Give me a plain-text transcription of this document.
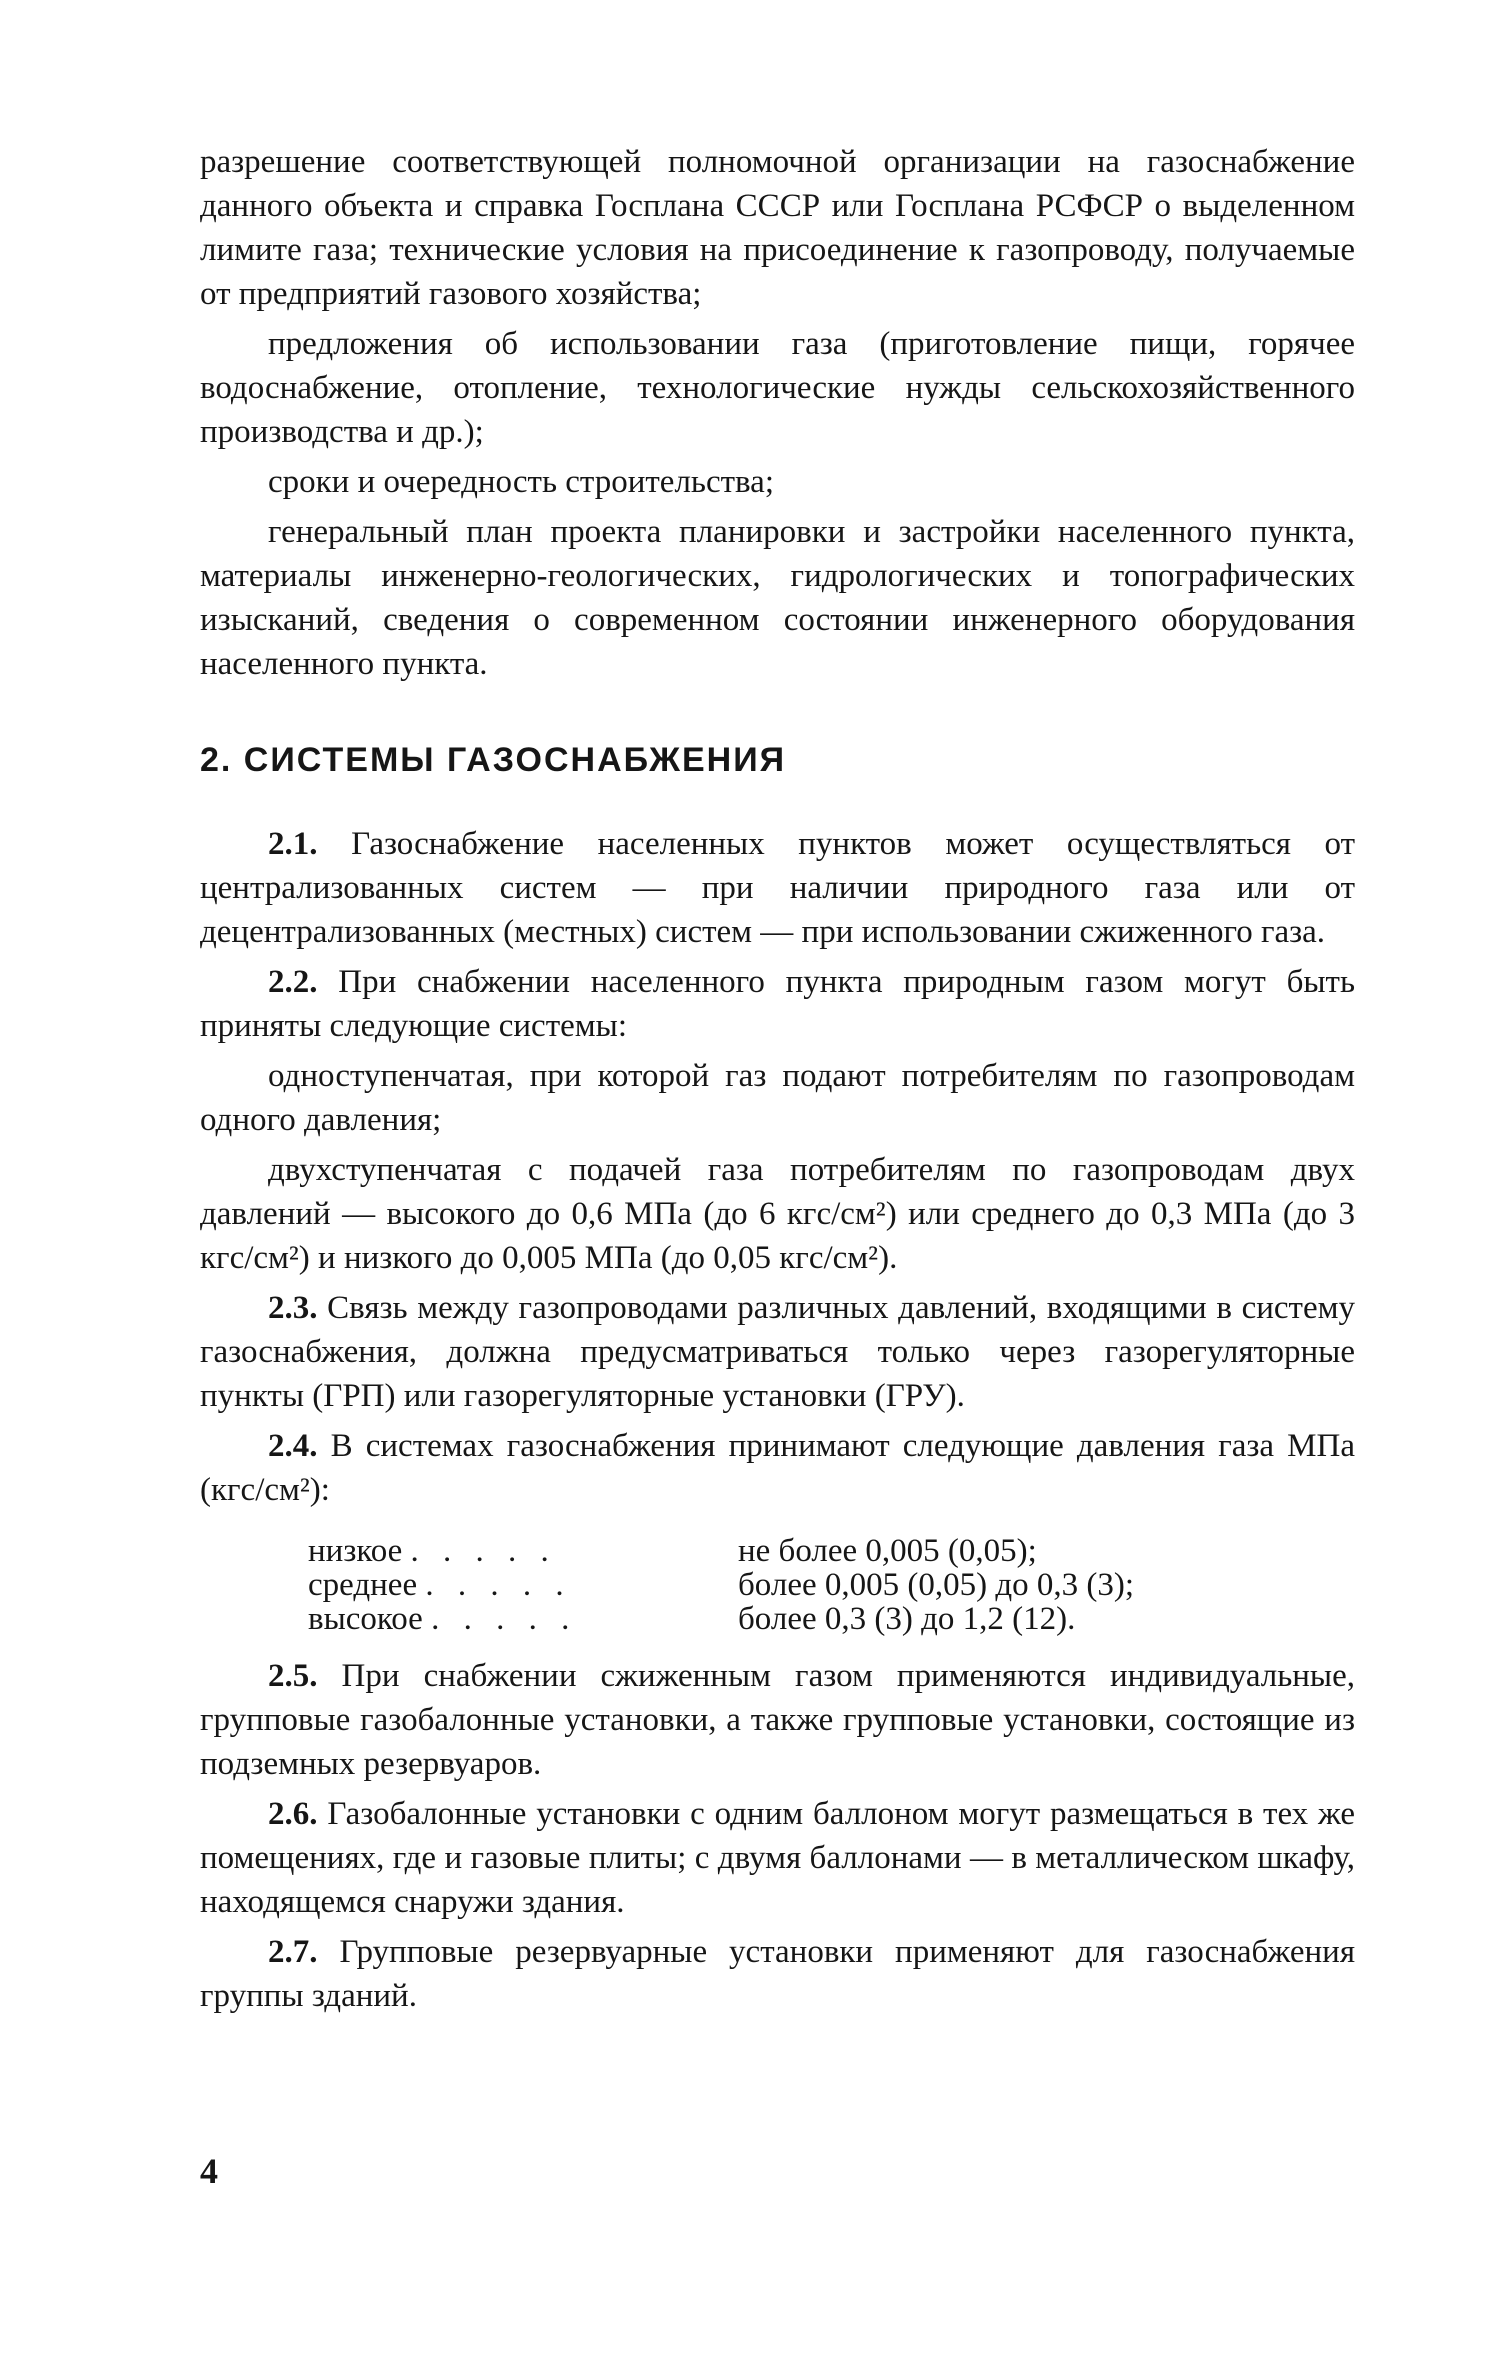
разрешение соответствующей полномочной организации на газоснабжение данного объекта и справка Госплана СССР или Госплана РСФСР о выделенном лимите газа; технические условия на присоединение к газопроводу, получаемые от предприятий газового хозяйства;

предложения об использовании газа (приготовление пищи, горячее водоснабжение, отопление, технологические нужды сельскохозяйственного производства и др.);

сроки и очередность строительства;

генеральный план проекта планировки и застройки населенного пункта, материалы инженерно-геологических, гидрологических и топографических изысканий, сведения о современном состоянии инженерного оборудования населенного пункта.

2. СИСТЕМЫ ГАЗОСНАБЖЕНИЯ

2.1. Газоснабжение населенных пунктов может осуществляться от централизованных систем — при наличии природного газа или от децентрализованных (местных) систем — при использовании сжиженного газа.

2.2. При снабжении населенного пункта природным газом могут быть приняты следующие системы:

одноступенчатая, при которой газ подают потребителям по газопроводам одного давления;

двухступенчатая с подачей газа потребителям по газопроводам двух давлений — высокого до 0,6 МПа (до 6 кгс/см²) или среднего до 0,3 МПа (до 3 кгс/см²) и низкого до 0,005 МПа (до 0,05 кгс/см²).

2.3. Связь между газопроводами различных давлений, входящими в систему газоснабжения, должна предусматриваться только через газорегуляторные пункты (ГРП) или газорегуляторные установки (ГРУ).

2.4. В системах газоснабжения принимают следующие давления газа МПа (кгс/см²):

низкое . . . . .	не более 0,005 (0,05);
среднее . . . . .	более 0,005 (0,05) до 0,3 (3);
высокое . . . . .	более 0,3 (3) до 1,2 (12).

2.5. При снабжении сжиженным газом применяются индивидуальные, групповые газобалонные установки, а также групповые установки, состоящие из подземных резервуаров.

2.6. Газобалонные установки с одним баллоном могут размещаться в тех же помещениях, где и газовые плиты; с двумя баллонами — в металлическом шкафу, находящемся снаружи здания.

2.7. Групповые резервуарные установки применяют для газоснабжения группы зданий.

4
